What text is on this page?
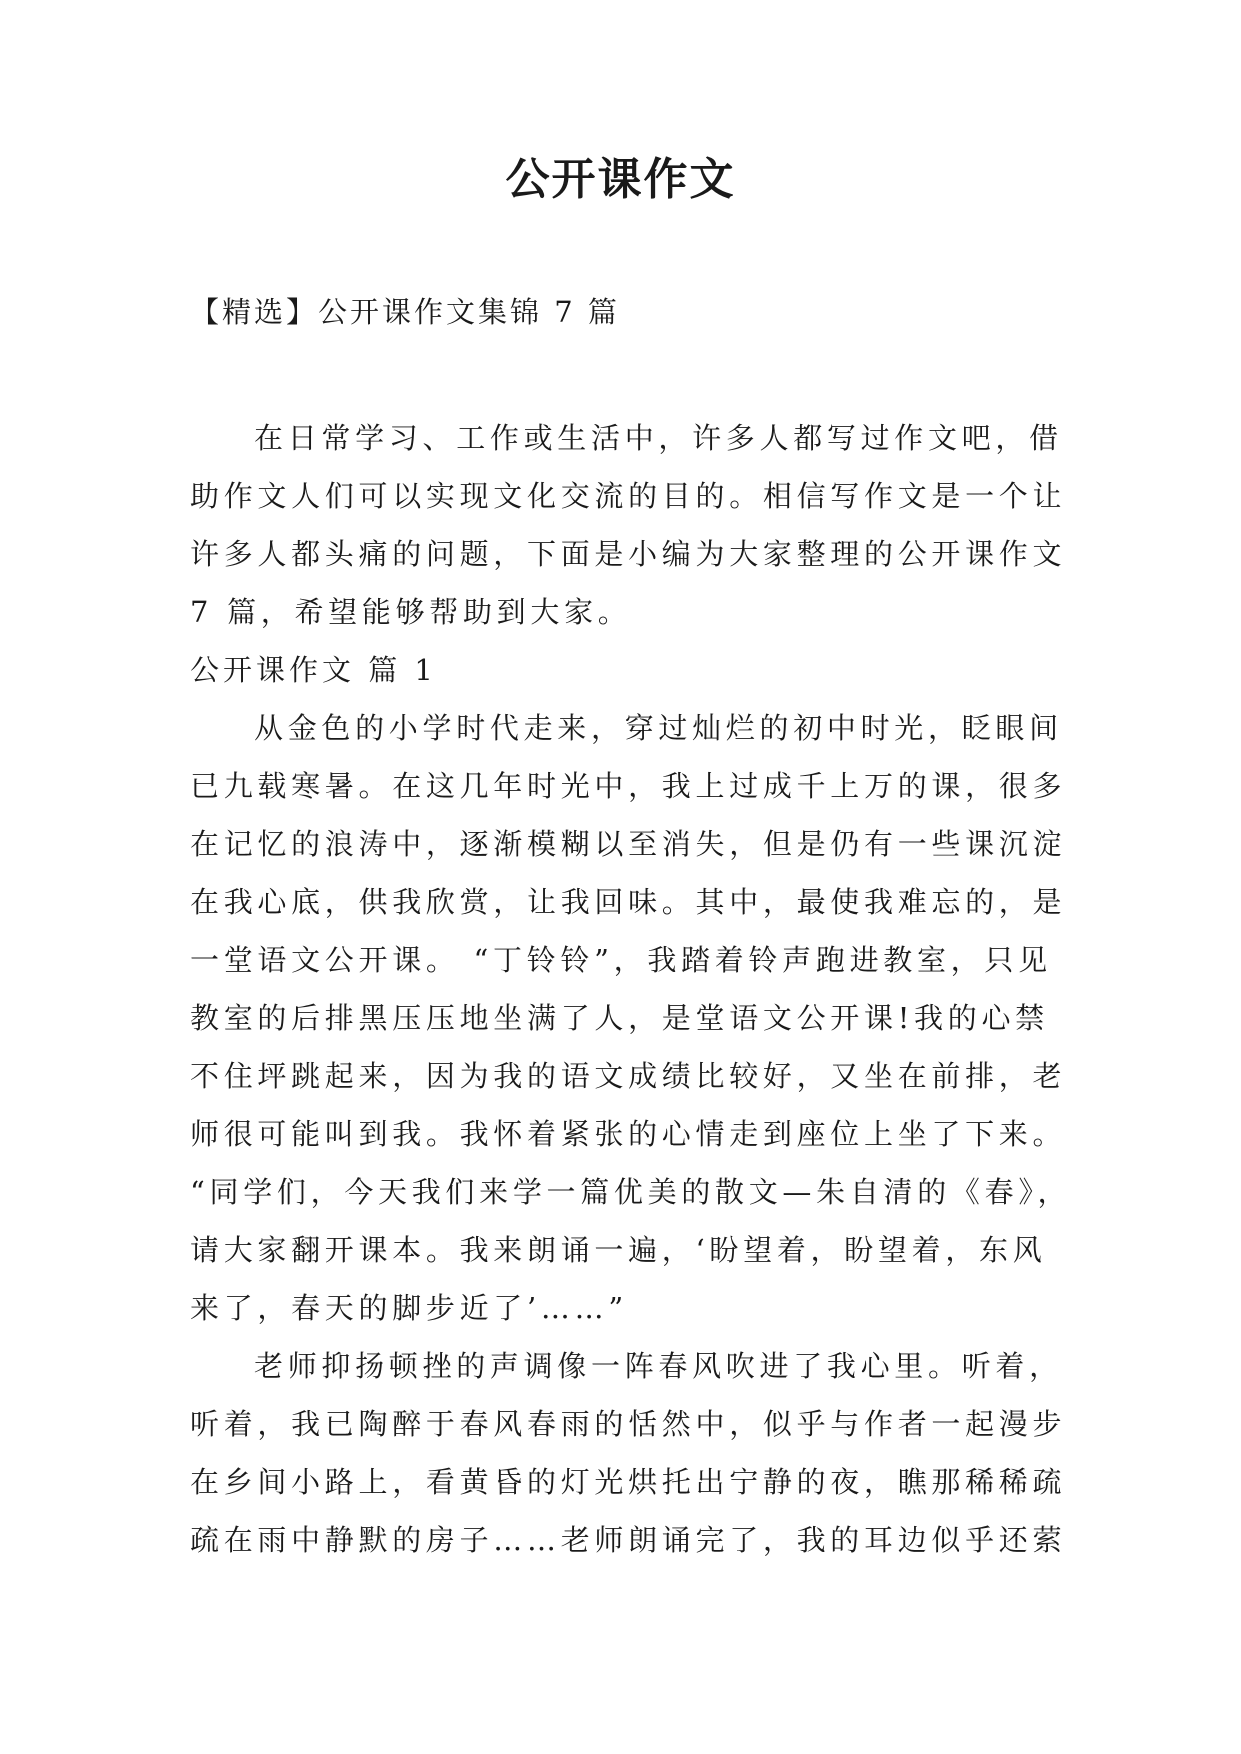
公开课作文

【精选】公开课作文集锦 7 篇

在日常学习、工作或生活中，许多人都写过作文吧，借
助作文人们可以实现文化交流的目的。相信写作文是一个让
许多人都头痛的问题，下面是小编为大家整理的公开课作文
7 篇，希望能够帮助到大家。
公开课作文 篇 1
从金色的小学时代走来，穿过灿烂的初中时光，眨眼间
已九载寒暑。在这几年时光中，我上过成千上万的课，很多
在记忆的浪涛中，逐渐模糊以至消失，但是仍有一些课沉淀
在我心底，供我欣赏，让我回味。其中，最使我难忘的，是
一堂语文公开课。 “丁铃铃”，我踏着铃声跑进教室，只见
教室的后排黑压压地坐满了人，是堂语文公开课!我的心禁
不住坪跳起来，因为我的语文成绩比较好，又坐在前排，老
师很可能叫到我。我怀着紧张的心情走到座位上坐了下来。
“同学们，今天我们来学一篇优美的散文—朱自清的《春》，
请大家翻开课本。我来朗诵一遍，‘盼望着，盼望着，东风
来了，春天的脚步近了’……”
老师抑扬顿挫的声调像一阵春风吹进了我心里。听着，
听着，我已陶醉于春风春雨的恬然中，似乎与作者一起漫步
在乡间小路上，看黄昏的灯光烘托出宁静的夜，瞧那稀稀疏
疏在雨中静默的房子……老师朗诵完了，我的耳边似乎还萦
